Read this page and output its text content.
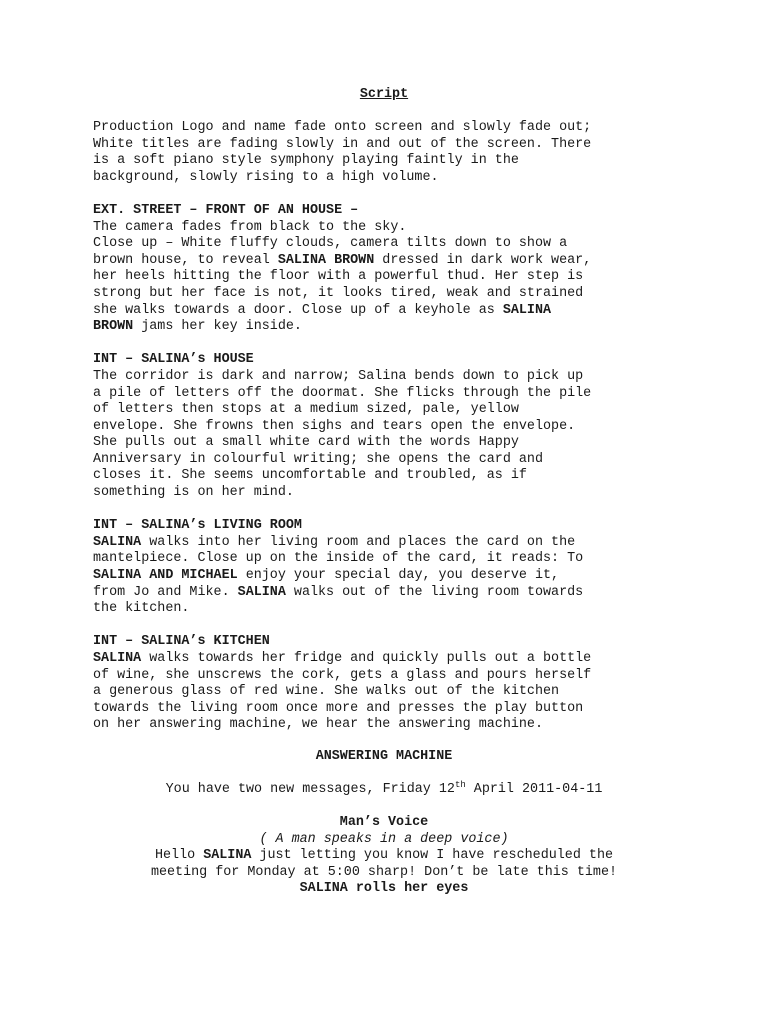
Script
Production Logo and name fade onto screen and slowly fade out;
White titles are fading slowly in and out of the screen. There
is a soft piano style symphony playing faintly in the
background, slowly rising to a high volume.
EXT. STREET – FRONT OF AN HOUSE –
The camera fades from black to the sky.
Close up – White fluffy clouds, camera tilts down to show a
brown house, to reveal SALINA BROWN dressed in dark work wear,
her heels hitting the floor with a powerful thud. Her step is
strong but her face is not, it looks tired, weak and strained
she walks towards a door. Close up of a keyhole as SALINA
BROWN jams her key inside.
INT – SALINA’s HOUSE
The corridor is dark and narrow; Salina bends down to pick up
a pile of letters off the doormat. She flicks through the pile
of letters then stops at a medium sized, pale, yellow
envelope. She frowns then sighs and tears open the envelope.
She pulls out a small white card with the words Happy
Anniversary in colourful writing; she opens the card and
closes it. She seems uncomfortable and troubled, as if
something is on her mind.
INT – SALINA’s LIVING ROOM
SALINA walks into her living room and places the card on the
mantelpiece. Close up on the inside of the card, it reads: To
SALINA AND MICHAEL enjoy your special day, you deserve it,
from Jo and Mike. SALINA walks out of the living room towards
the kitchen.
INT – SALINA’s KITCHEN
SALINA walks towards her fridge and quickly pulls out a bottle
of wine, she unscrews the cork, gets a glass and pours herself
a generous glass of red wine. She walks out of the kitchen
towards the living room once more and presses the play button
on her answering machine, we hear the answering machine.
ANSWERING MACHINE
You have two new messages, Friday 12th April 2011-04-11
Man’s Voice
( A man speaks in a deep voice)
Hello SALINA just letting you know I have rescheduled the
meeting for Monday at 5:00 sharp! Don’t be late this time!
SALINA rolls her eyes
